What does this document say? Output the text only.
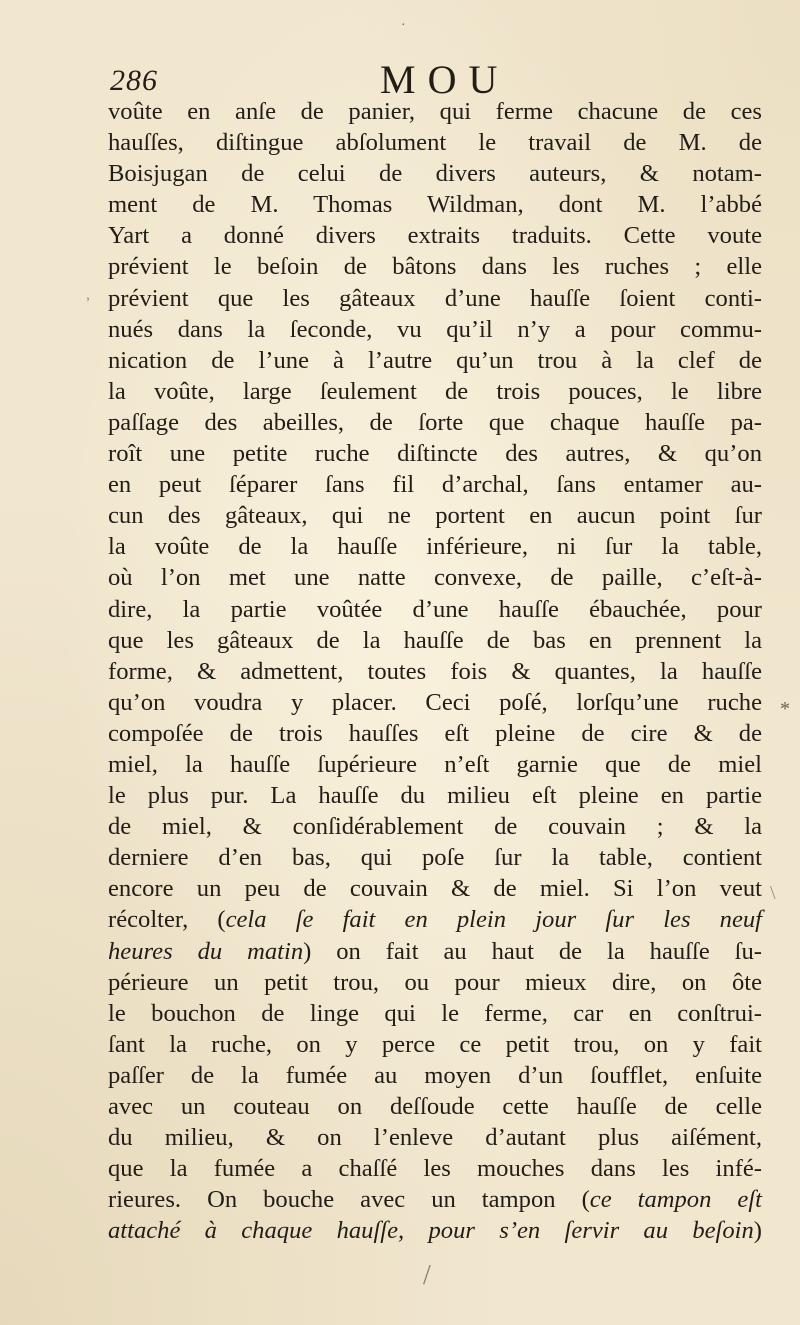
·
,
*
\
/
286	MOU
voûte en anſe de panier, qui ferme chacune de ces
hauſſes, diſtingue abſolument le travail de M. de
Boisjugan de celui de divers auteurs, & notam-
ment de M. Thomas Wildman, dont M. l’abbé
Yart a donné divers extraits traduits. Cette voute
prévient le beſoin de bâtons dans les ruches ; elle
prévient que les gâteaux d’une hauſſe ſoient conti-
nués dans la ſeconde, vu qu’il n’y a pour commu-
nication de l’une à l’autre qu’un trou à la clef de
la voûte, large ſeulement de trois pouces, le libre
paſſage des abeilles, de ſorte que chaque hauſſe pa-
roît une petite ruche diſtincte des autres, & qu’on
en peut ſéparer ſans fil d’archal, ſans entamer au-
cun des gâteaux, qui ne portent en aucun point ſur
la voûte de la hauſſe inférieure, ni ſur la table,
où l’on met une natte convexe, de paille, c’eſt-à-
dire, la partie voûtée d’une hauſſe ébauchée, pour
que les gâteaux de la hauſſe de bas en prennent la
forme, & admettent, toutes fois & quantes, la hauſſe
qu’on voudra y placer. Ceci poſé, lorſqu’une ruche
compoſée de trois hauſſes eſt pleine de cire & de
miel, la hauſſe ſupérieure n’eſt garnie que de miel
le plus pur. La hauſſe du milieu eſt pleine en partie
de miel, & conſidérablement de couvain ; & la
derniere d’en bas, qui poſe ſur la table, contient
encore un peu de couvain & de miel. Si l’on veut
récolter, (cela ſe fait en plein jour ſur les neuf
heures du matin) on fait au haut de la hauſſe ſu-
périeure un petit trou, ou pour mieux dire, on ôte
le bouchon de linge qui le ferme, car en conſtrui-
ſant la ruche, on y perce ce petit trou, on y fait
paſſer de la fumée au moyen d’un ſoufflet, enſuite
avec un couteau on deſſoude cette hauſſe de celle
du milieu, & on l’enleve d’autant plus aiſément,
que la fumée a chaſſé les mouches dans les infé-
rieures. On bouche avec un tampon (ce tampon eſt
attaché à chaque hauſſe, pour s’en ſervir au beſoin)
